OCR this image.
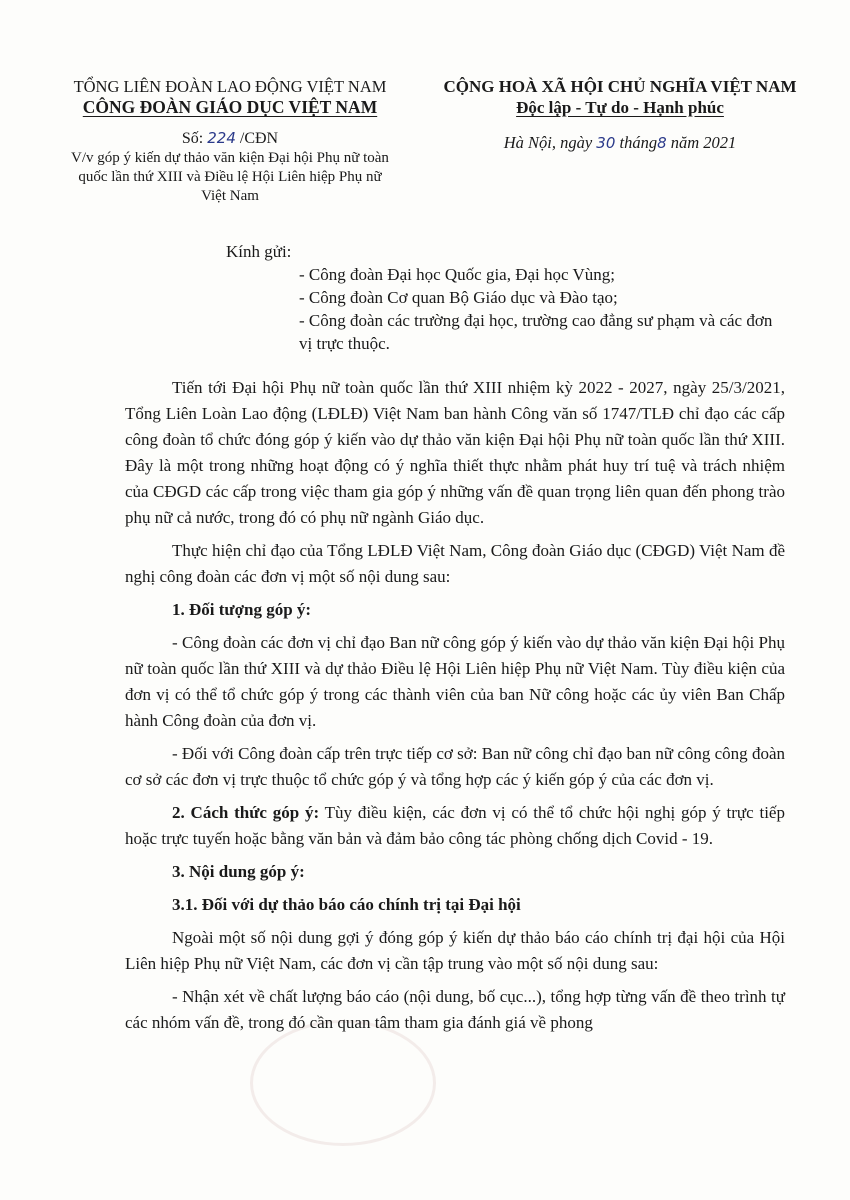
TỔNG LIÊN ĐOÀN LAO ĐỘNG VIỆT NAM
CÔNG ĐOÀN GIÁO DỤC VIỆT NAM
Số: 224 /CĐN
V/v góp ý kiến dự thảo văn kiện Đại hội Phụ nữ toàn quốc lần thứ XIII và Điều lệ Hội Liên hiệp Phụ nữ Việt Nam
CỘNG HOÀ XÃ HỘI CHỦ NGHĨA VIỆT NAM
Độc lập - Tự do - Hạnh phúc
Hà Nội, ngày 30 tháng8 năm 2021
Kính gửi:
- Công đoàn Đại học Quốc gia, Đại học Vùng;
- Công đoàn Cơ quan Bộ Giáo dục và Đào tạo;
- Công đoàn các trường đại học, trường cao đẳng sư phạm và các đơn vị trực thuộc.

Tiến tới Đại hội Phụ nữ toàn quốc lần thứ XIII nhiệm kỳ 2022 - 2027, ngày 25/3/2021, Tổng Liên Loàn Lao động (LĐLĐ) Việt Nam ban hành Công văn số 1747/TLĐ chỉ đạo các cấp công đoàn tổ chức đóng góp ý kiến vào dự thảo văn kiện Đại hội Phụ nữ toàn quốc lần thứ XIII. Đây là một trong những hoạt động có ý nghĩa thiết thực nhằm phát huy trí tuệ và trách nhiệm của CĐGD các cấp trong việc tham gia góp ý những vấn đề quan trọng liên quan đến phong trào phụ nữ cả nước, trong đó có phụ nữ ngành Giáo dục.

Thực hiện chỉ đạo của Tổng LĐLĐ Việt Nam, Công đoàn Giáo dục (CĐGD) Việt Nam đề nghị công đoàn các đơn vị một số nội dung sau:

1. Đối tượng góp ý:

- Công đoàn các đơn vị chỉ đạo Ban nữ công góp ý kiến vào dự thảo văn kiện Đại hội Phụ nữ toàn quốc lần thứ XIII và dự thảo Điều lệ Hội Liên hiệp Phụ nữ Việt Nam. Tùy điều kiện của đơn vị có thể tổ chức góp ý trong các thành viên của ban Nữ công hoặc các ủy viên Ban Chấp hành Công đoàn của đơn vị.

- Đối với Công đoàn cấp trên trực tiếp cơ sở: Ban nữ công chỉ đạo ban nữ công công đoàn cơ sở các đơn vị trực thuộc tổ chức góp ý và tổng hợp các ý kiến góp ý của các đơn vị.

2. Cách thức góp ý: Tùy điều kiện, các đơn vị có thể tổ chức hội nghị góp ý trực tiếp hoặc trực tuyến hoặc bằng văn bản và đảm bảo công tác phòng chống dịch Covid - 19.

3. Nội dung góp ý:

3.1. Đối với dự thảo báo cáo chính trị tại Đại hội

Ngoài một số nội dung gợi ý đóng góp ý kiến dự thảo báo cáo chính trị đại hội của Hội Liên hiệp Phụ nữ Việt Nam, các đơn vị cần tập trung vào một số nội dung sau:

- Nhận xét về chất lượng báo cáo (nội dung, bố cục...), tổng hợp từng vấn đề theo trình tự các nhóm vấn đề, trong đó cần quan tâm tham gia đánh giá về phong
